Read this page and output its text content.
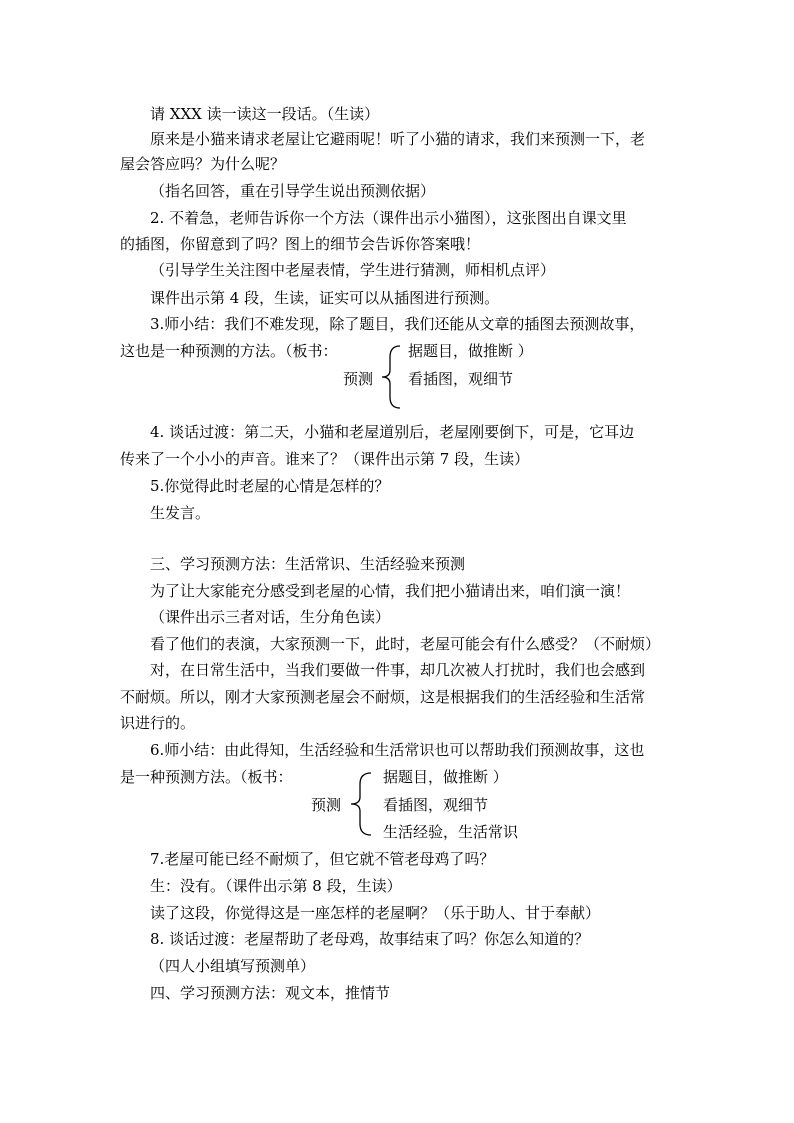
请 XXX 读一读这一段话。（生读）
原来是小猫来请求老屋让它避雨呢！听了小猫的请求，我们来预测一下，老
屋会答应吗？为什么呢？
（指名回答，重在引导学生说出预测依据）
2. 不着急，老师告诉你一个方法（课件出示小猫图），这张图出自课文里
的插图，你留意到了吗？图上的细节会告诉你答案哦！
（引导学生关注图中老屋表情，学生进行猜测，师相机点评）
课件出示第 4 段，生读，证实可以从插图进行预测。
3.师小结：我们不难发现，除了题目，我们还能从文章的插图去预测故事，
这也是一种预测的方法。（板书：
预测
据题目，做推断 ）
看插图，观细节
4. 谈话过渡：第二天，小猫和老屋道别后，老屋刚要倒下，可是，它耳边
传来了一个小小的声音。谁来了？（课件出示第 7 段，生读）
5.你觉得此时老屋的心情是怎样的？
生发言。
三、学习预测方法：生活常识、生活经验来预测
为了让大家能充分感受到老屋的心情，我们把小猫请出来，咱们演一演！
（课件出示三者对话，生分角色读）
看了他们的表演，大家预测一下，此时，老屋可能会有什么感受？（不耐烦）
对，在日常生活中，当我们要做一件事，却几次被人打扰时，我们也会感到
不耐烦。所以，刚才大家预测老屋会不耐烦，这是根据我们的生活经验和生活常
识进行的。
6.师小结：由此得知，生活经验和生活常识也可以帮助我们预测故事，这也
是一种预测方法。（板书：
预测
据题目，做推断 ）
看插图，观细节
生活经验，生活常识
7.老屋可能已经不耐烦了，但它就不管老母鸡了吗？
生：没有。（课件出示第 8 段，生读）
读了这段，你觉得这是一座怎样的老屋啊？（乐于助人、甘于奉献）
8. 谈话过渡：老屋帮助了老母鸡，故事结束了吗？你怎么知道的？
（四人小组填写预测单）
四、学习预测方法：观文本，推情节
